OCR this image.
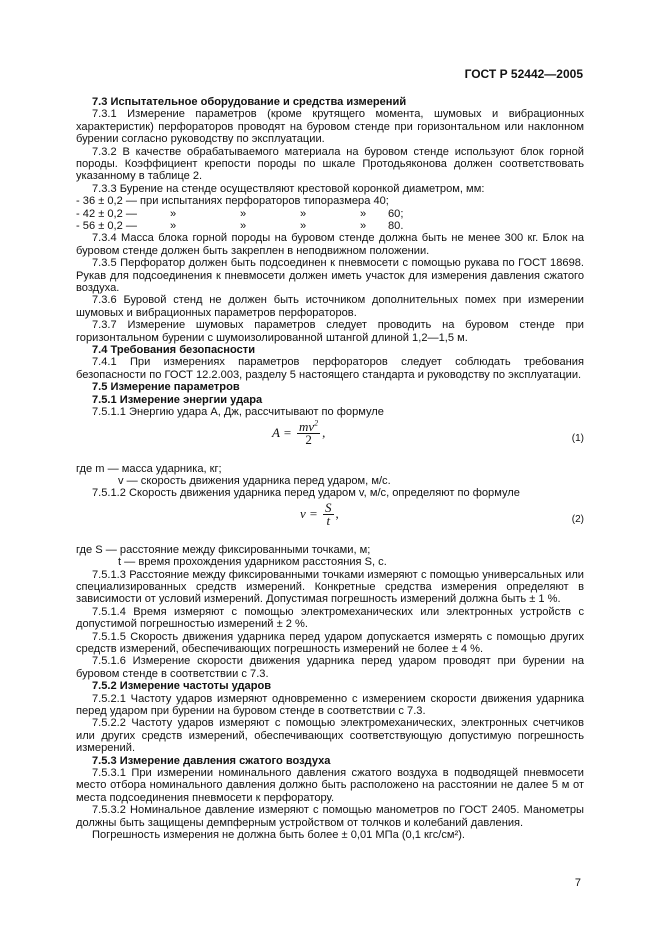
ГОСТ Р 52442—2005

7.3 Испытательное оборудование и средства измерений

7.3.1 Измерение параметров (кроме крутящего момента, шумовых и вибрационных характеристик) перфораторов проводят на буровом стенде при горизонтальном или наклонном бурении согласно руководству по эксплуатации.

7.3.2 В качестве обрабатываемого материала на буровом стенде используют блок горной породы. Коэффициент крепости породы по шкале Протодьяконова должен соответствовать указанному в таблице 2.

7.3.3 Бурение на стенде осуществляют крестовой коронкой диаметром, мм:

- 36 ± 0,2 — при испытаниях перфораторов типоразмера 40;
- 42 ± 0,2 —	»	»	»	» 60;
- 56 ± 0,2 —	»	»	»	» 80.

7.3.4 Масса блока горной породы на буровом стенде должна быть не менее 300 кг. Блок на буровом стенде должен быть закреплен в неподвижном положении.

7.3.5 Перфоратор должен быть подсоединен к пневмосети с помощью рукава по ГОСТ 18698. Рукав для подсоединения к пневмосети должен иметь участок для измерения давления сжатого воздуха.

7.3.6 Буровой стенд не должен быть источником дополнительных помех при измерении шумовых и вибрационных параметров перфораторов.

7.3.7 Измерение шумовых параметров следует проводить на буровом стенде при горизонтальном бурении с шумоизолированной штангой длиной 1,2—1,5 м.

7.4 Требования безопасности

7.4.1 При измерениях параметров перфораторов следует соблюдать требования безопасности по ГОСТ 12.2.003, разделу 5 настоящего стандарта и руководству по эксплуатации.

7.5 Измерение параметров

7.5.1 Измерение энергии удара

7.5.1.1 Энергию удара A, Дж, рассчитывают по формуле

$A = \frac{mv^2}{2}$ ,	(1)

где m — масса ударника, кг;

v — скорость движения ударника перед ударом, м/с.

7.5.1.2 Скорость движения ударника перед ударом v, м/с, определяют по формуле

$v = \frac{S}{t}$ ,	(2)

где S — расстояние между фиксированными точками, м;

t — время прохождения ударником расстояния S, с.

7.5.1.3 Расстояние между фиксированными точками измеряют с помощью универсальных или специализированных средств измерений. Конкретные средства измерения определяют в зависимости от условий измерений. Допустимая погрешность измерений должна быть ± 1 %.

7.5.1.4 Время измеряют с помощью электромеханических или электронных устройств с допустимой погрешностью измерений ± 2 %.

7.5.1.5 Скорость движения ударника перед ударом допускается измерять с помощью других средств измерений, обеспечивающих погрешность измерений не более ± 4 %.

7.5.1.6 Измерение скорости движения ударника перед ударом проводят при бурении на буровом стенде в соответствии с 7.3.

7.5.2 Измерение частоты ударов

7.5.2.1 Частоту ударов измеряют одновременно с измерением скорости движения ударника перед ударом при бурении на буровом стенде в соответствии с 7.3.

7.5.2.2 Частоту ударов измеряют с помощью электромеханических, электронных счетчиков или других средств измерений, обеспечивающих соответствующую допустимую погрешность измерений.

7.5.3 Измерение давления сжатого воздуха

7.5.3.1 При измерении номинального давления сжатого воздуха в подводящей пневмосети место отбора номинального давления должно быть расположено на расстоянии не далее 5 м от места подсоединения пневмосети к перфоратору.

7.5.3.2 Номинальное давление измеряют с помощью манометров по ГОСТ 2405. Манометры должны быть защищены демпферным устройством от толчков и колебаний давления.

Погрешность измерения не должна быть более ± 0,01 МПа (0,1 кгс/см²).

7
